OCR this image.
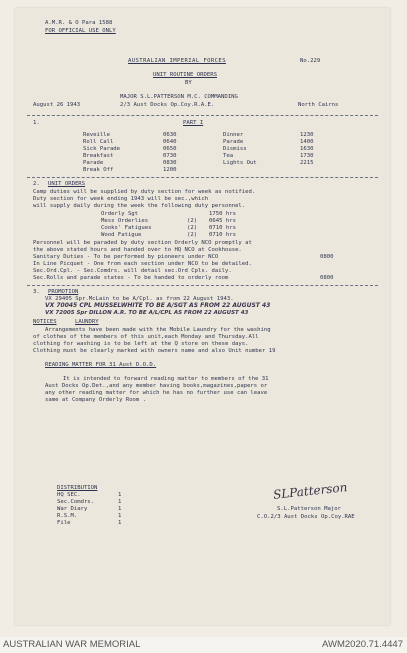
A.M.R. & O Para 1588
FOR OFFICIAL USE ONLY
AUSTRALIAN IMPERIAL FORCES	No.229
UNIT ROUTINE ORDERS
BY
MAJOR S.L.PATTERSON M.C. COMMANDING
August 26 1943	2/3 Aust Docks Op.Coy.R.A.E.	North Cairns
1.	PART I
Reveille	0630
Roll Call	0640
Sick Parade	0650
Breakfast	0730
Parade	0830
Break Off	1200
Dinner	1230
Parade	1400
Dismiss	1630
Tea	1730
Lights Out	2215
2. UNIT ORDERS
Camp duties will be supplied by duty section for week as notified.
Duty section for week ending 1943 will be sec.,which
will supply daily during the week the following duty personnel.
Orderly Sgt	1750 hrs
Mess Orderlies	(2) 0645 hrs
Cooks' Fatigues	(2) 0710 hrs
Wood Fatigue	(2) 0710 hrs
Personnel will be paraded by duty section Orderly NCO promptly at
the above stated hours and handed over to HQ NCO at Cookhouse.
Sanitary Duties - To be performed by pioneers under NCO	0800
In Line Picquet - One from each section under NCO to be detailed.
Sec.Ord.Cpl. - Sec.Comdrs. will detail sec.Ord Cpls. daily.
Sec.Rolls and parade states - To be handed to orderly room	0800
3. PROMOTION
VX 29405 Spr.McLain to be A/Cpl. as from 22 August 1943.
VX 70045 CPL MUSSELWHITE TO BE A/SGT AS FROM 22 AUGUST 43
VX 72005 Spr DILLON A.R. TO BE A/L/CPL AS FROM 22 AUGUST 43
NOTICES	LAUNDRY
Arrangements have been made with the Mobile Laundry for the washing
of clothes of the members of this unit,each Monday and Thursday.All
clothing for washing is to be left at the Q store on these days.
Clothing must be clearly marked with owners name and also Unit number 19
READING MATTER FOR 31 Aust D.O.D.
It is intended to forward reading matter to members of the 31
Aust Docks Op.Det.,and any member having books,magazines,papers or
any other reading matter for which he has no further use can leave
same at Company Orderly Room .
DISTRIBUTION
HQ SEC.	1
Sec.Comdrs.	1
War Diary	1
R.S.M.	1
File	1
SLPatterson
S.L.Patterson Major
C.O.2/3 Aust Docks Op.Coy.RAE
AUSTRALIAN WAR MEMORIAL	AWM2020.71.4447
